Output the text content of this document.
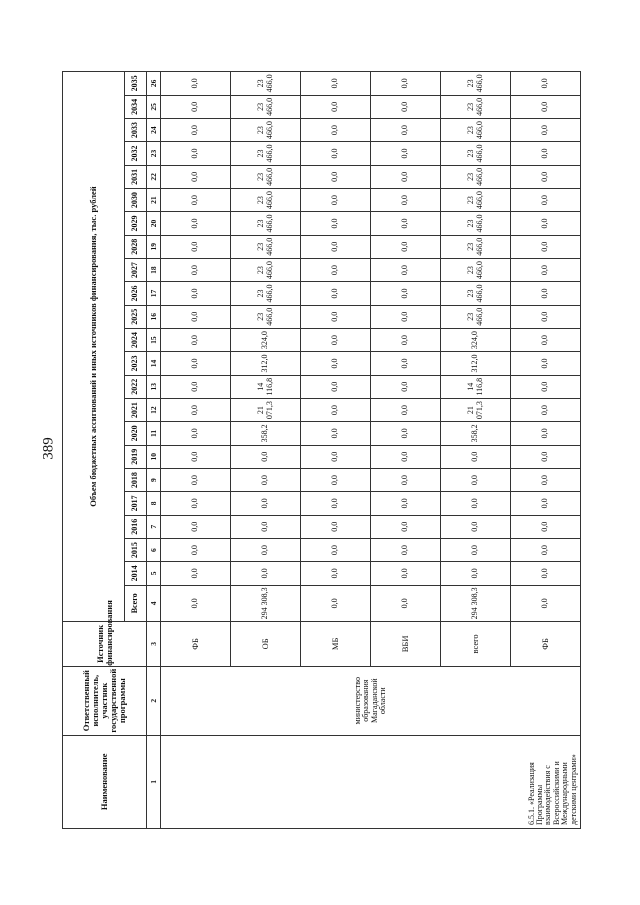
389
Наименование	Ответственный исполнитель, участник государственной программы	Источник финансирования	Объем бюджетных ассигнований и иных источников финансирования, тыс. рублей																						
			Всего	2014	2015	2016	2017	2018	2019	2020	2021	2022	2023	2024	2025	2026	2027	2028	2029	2030	2031	2032	2033	2034	2035
1	2	3	4	5	6	7	8	9	10	11	12	13	14	15	16	17	18	19	20	21	22	23	24	25	26
6.5.1. «Реализация Программы взаимодействия с Всероссийскими и Международными детскими центрами»	министерство образования Магаданской области	ФБ	0,0	0,0	0,0	0,0	0,0	0,0	0,0	0,0	0,0	0,0	0,0	0,0	0,0	0,0	0,0	0,0	0,0	0,0	0,0	0,0	0,0	0,0	0,0
		ОБ	294 308,3	0,0	0,0	0,0	0,0	0,0	0,0	358,2	21 071,3	14 116,8	312,0	324,0	23 466,0	23 466,0	23 466,0	23 466,0	23 466,0	23 466,0	23 466,0	23 466,0	23 466,0	23 466,0	23 466,0
		МБ	0,0	0,0	0,0	0,0	0,0	0,0	0,0	0,0	0,0	0,0	0,0	0,0	0,0	0,0	0,0	0,0	0,0	0,0	0,0	0,0	0,0	0,0	0,0
		ВБИ	0,0	0,0	0,0	0,0	0,0	0,0	0,0	0,0	0,0	0,0	0,0	0,0	0,0	0,0	0,0	0,0	0,0	0,0	0,0	0,0	0,0	0,0	0,0
		всего	294 308,3	0,0	0,0	0,0	0,0	0,0	0,0	358,2	21 071,3	14 116,8	312,0	324,0	23 466,0	23 466,0	23 466,0	23 466,0	23 466,0	23 466,0	23 466,0	23 466,0	23 466,0	23 466,0	23 466,0
		ФБ	0,0	0,0	0,0	0,0	0,0	0,0	0,0	0,0	0,0	0,0	0,0	0,0	0,0	0,0	0,0	0,0	0,0	0,0	0,0	0,0	0,0	0,0	0,0
